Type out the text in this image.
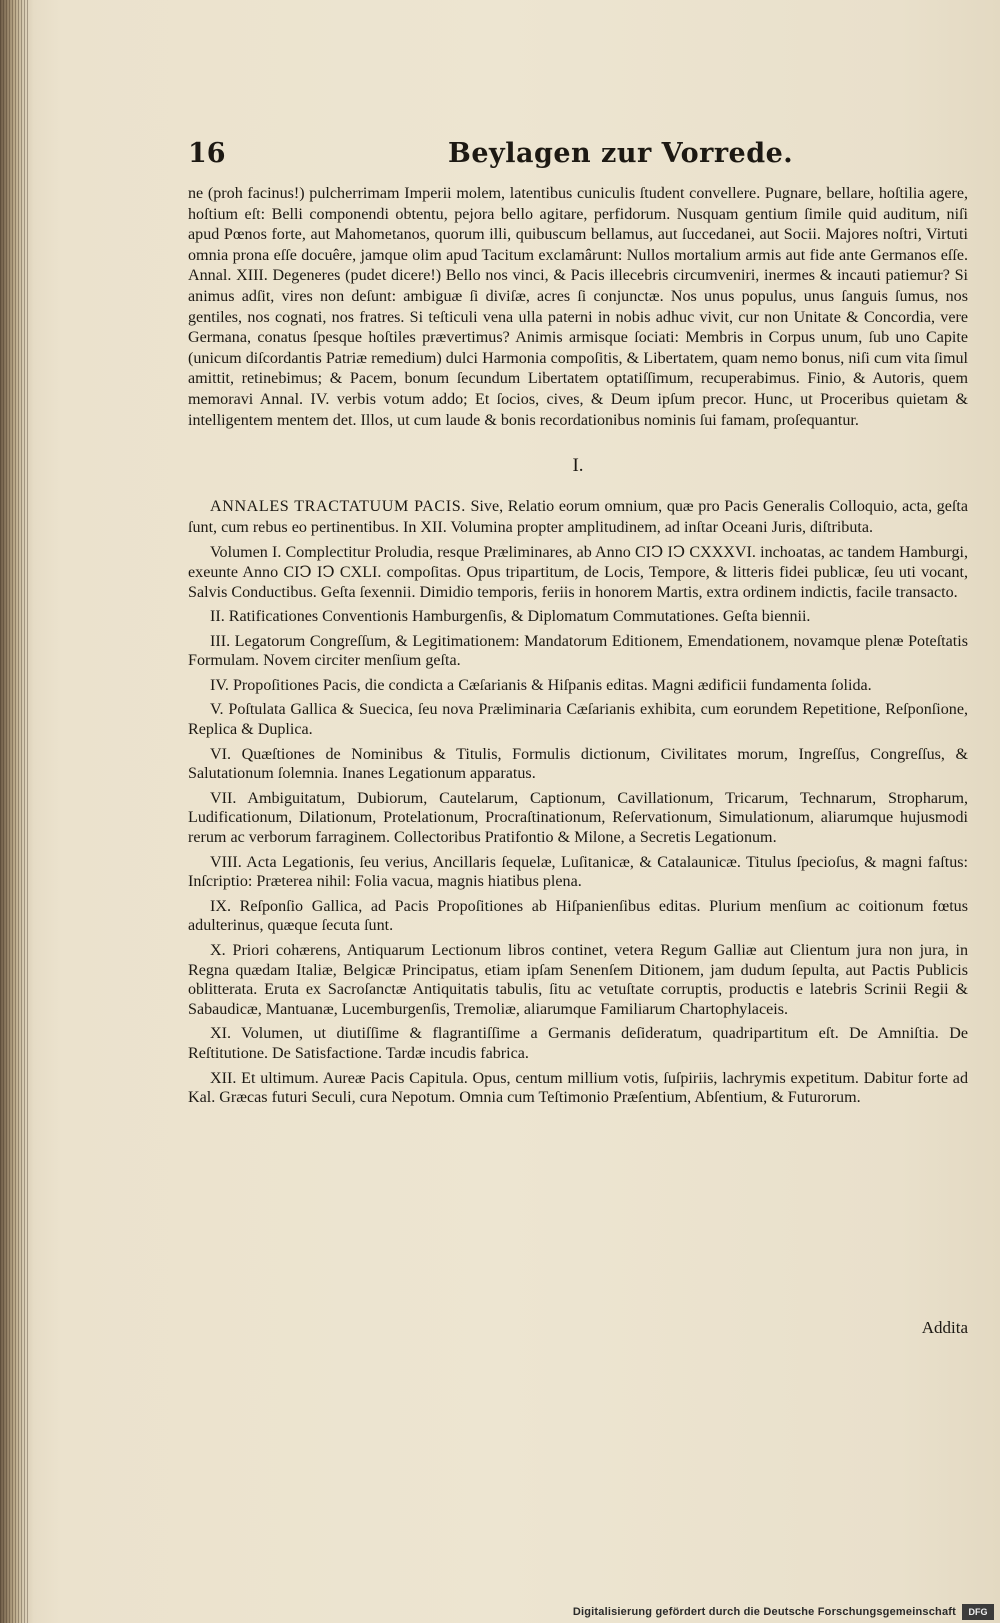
16	Beylagen zur Vorrede.

ne (proh facinus!) pulcherrimam Imperii molem, latentibus cuniculis ſtudent convellere. Pugnare, bellare, hoſtilia agere, hoſtium eſt: Belli componendi obtentu, pejora bello agitare, perfidorum. Nusquam gentium ſimile quid auditum, niſi apud Pœnos forte, aut Mahometanos, quorum illi, quibuscum bellamus, aut ſuccedanei, aut Socii. Majores noſtri, Virtuti omnia prona eſſe docuêre, jamque olim apud Tacitum exclamârunt: Nullos mortalium armis aut fide ante Germanos eſſe. Annal. XIII. Degeneres (pudet dicere!) Bello nos vinci, & Pacis illecebris circumveniri, inermes & incauti patiemur? Si animus adſit, vires non deſunt: ambiguæ ſi diviſæ, acres ſi conjunctæ. Nos unus populus, unus ſanguis ſumus, nos gentiles, nos cognati, nos fratres. Si teſticuli vena ulla paterni in nobis adhuc vivit, cur non Unitate & Concordia, vere Germana, conatus ſpesque hoſtiles prævertimus? Animis armisque ſociati: Membris in Corpus unum, ſub uno Capite (unicum diſcordantis Patriæ remedium) dulci Harmonia compoſitis, & Libertatem, quam nemo bonus, niſi cum vita ſimul amittit, retinebimus; & Pacem, bonum ſecundum Libertatem optatiſſimum, recuperabimus. Finio, & Autoris, quem memoravi Annal. IV. verbis votum addo; Et ſocios, cives, & Deum ipſum precor. Hunc, ut Proceribus quietam & intelligentem mentem det. Illos, ut cum laude & bonis recordationibus nominis ſui famam, proſequantur.

I.

ANNALES TRACTATUUM PACIS. Sive, Relatio eorum omnium, quæ pro Pacis Generalis Colloquio, acta, geſta ſunt, cum rebus eo pertinentibus. In XII. Volumina propter amplitudinem, ad inſtar Oceani Juris, diſtributa.

Volumen I. Complectitur Proludia, resque Præliminares, ab Anno CIↃ IↃ CXXXVI. inchoatas, ac tandem Hamburgi, exeunte Anno CIↃ IↃ CXLI. compoſitas. Opus tripartitum, de Locis, Tempore, & litteris fidei publicæ, ſeu uti vocant, Salvis Conductibus. Geſta ſexennii. Dimidio temporis, feriis in honorem Martis, extra ordinem indictis, facile transacto.

II. Ratificationes Conventionis Hamburgenſis, & Diplomatum Commutationes. Geſta biennii.

III. Legatorum Congreſſum, & Legitimationem: Mandatorum Editionem, Emendationem, novamque plenæ Poteſtatis Formulam. Novem circiter menſium geſta.

IV. Propoſitiones Pacis, die condicta a Cæſarianis & Hiſpanis editas. Magni ædificii fundamenta ſolida.

V. Poſtulata Gallica & Suecica, ſeu nova Præliminaria Cæſarianis exhibita, cum eorundem Repetitione, Reſponſione, Replica & Duplica.

VI. Quæſtiones de Nominibus & Titulis, Formulis dictionum, Civilitates morum, Ingreſſus, Congreſſus, & Salutationum ſolemnia. Inanes Legationum apparatus.

VII. Ambiguitatum, Dubiorum, Cautelarum, Captionum, Cavillationum, Tricarum, Technarum, Stropharum, Ludificationum, Dilationum, Protelationum, Procraſtinationum, Reſervationum, Simulationum, aliarumque hujusmodi rerum ac verborum farraginem. Collectoribus Pratifontio & Milone, a Secretis Legationum.

VIII. Acta Legationis, ſeu verius, Ancillaris ſequelæ, Luſitanicæ, & Catalaunicæ. Titulus ſpecioſus, & magni faſtus: Inſcriptio: Præterea nihil: Folia vacua, magnis hiatibus plena.

IX. Reſponſio Gallica, ad Pacis Propoſitiones ab Hiſpanienſibus editas. Plurium menſium ac coitionum fœtus adulterinus, quæque ſecuta ſunt.

X. Priori cohærens, Antiquarum Lectionum libros continet, vetera Regum Galliæ aut Clientum jura non jura, in Regna quædam Italiæ, Belgicæ Principatus, etiam ipſam Senenſem Ditionem, jam dudum ſepulta, aut Pactis Publicis oblitterata. Eruta ex Sacroſanctæ Antiquitatis tabulis, ſitu ac vetuſtate corruptis, productis e latebris Scrinii Regii & Sabaudicæ, Mantuanæ, Lucemburgenſis, Tremoliæ, aliarumque Familiarum Chartophylaceis.

XI. Volumen, ut diutiſſime & flagrantiſſime a Germanis deſideratum, quadripartitum eſt. De Amniſtia. De Reſtitutione. De Satisfactione. Tardæ incudis fabrica.

XII. Et ultimum. Aureæ Pacis Capitula. Opus, centum millium votis, ſuſpiriis, lachrymis expetitum. Dabitur forte ad Kal. Græcas futuri Seculi, cura Nepotum. Omnia cum Teſtimonio Præſentium, Abſentium, & Futurorum.

Addita
Digitalisierung gefördert durch die Deutsche Forschungsgemeinschaft	DFG
